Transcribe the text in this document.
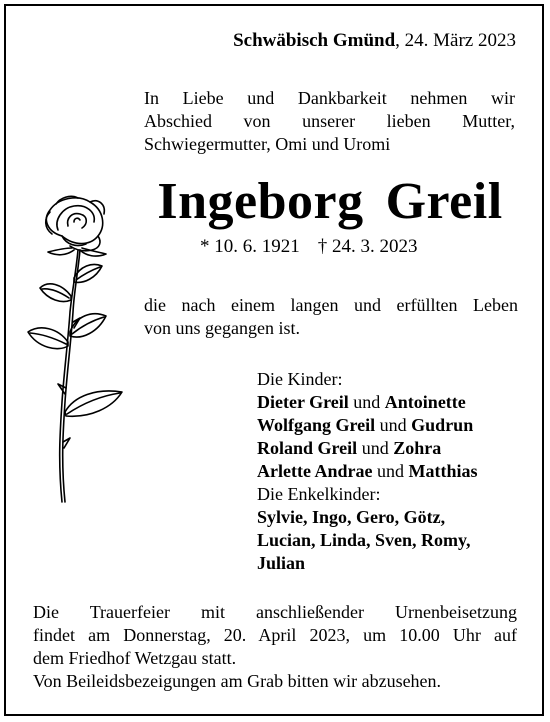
Schwäbisch Gmünd, 24. März 2023
In Liebe und Dankbarkeit nehmen wir
Abschied von unserer lieben Mutter,
Schwiegermutter, Omi und Uromi
Ingeborg Greil
* 10. 6. 1921 † 24. 3. 2023
die nach einem langen und erfüllten Leben
von uns gegangen ist.
Die Kinder:
Dieter Greil und Antoinette
Wolfgang Greil und Gudrun
Roland Greil und Zohra
Arlette Andrae und Matthias
Die Enkelkinder:
Sylvie, Ingo, Gero, Götz,
Lucian, Linda, Sven, Romy,
Julian
Die Trauerfeier mit anschließender Urnenbeisetzung
findet am Donnerstag, 20. April 2023, um 10.00 Uhr auf
dem Friedhof Wetzgau statt.
Von Beileidsbezeigungen am Grab bitten wir abzusehen.
